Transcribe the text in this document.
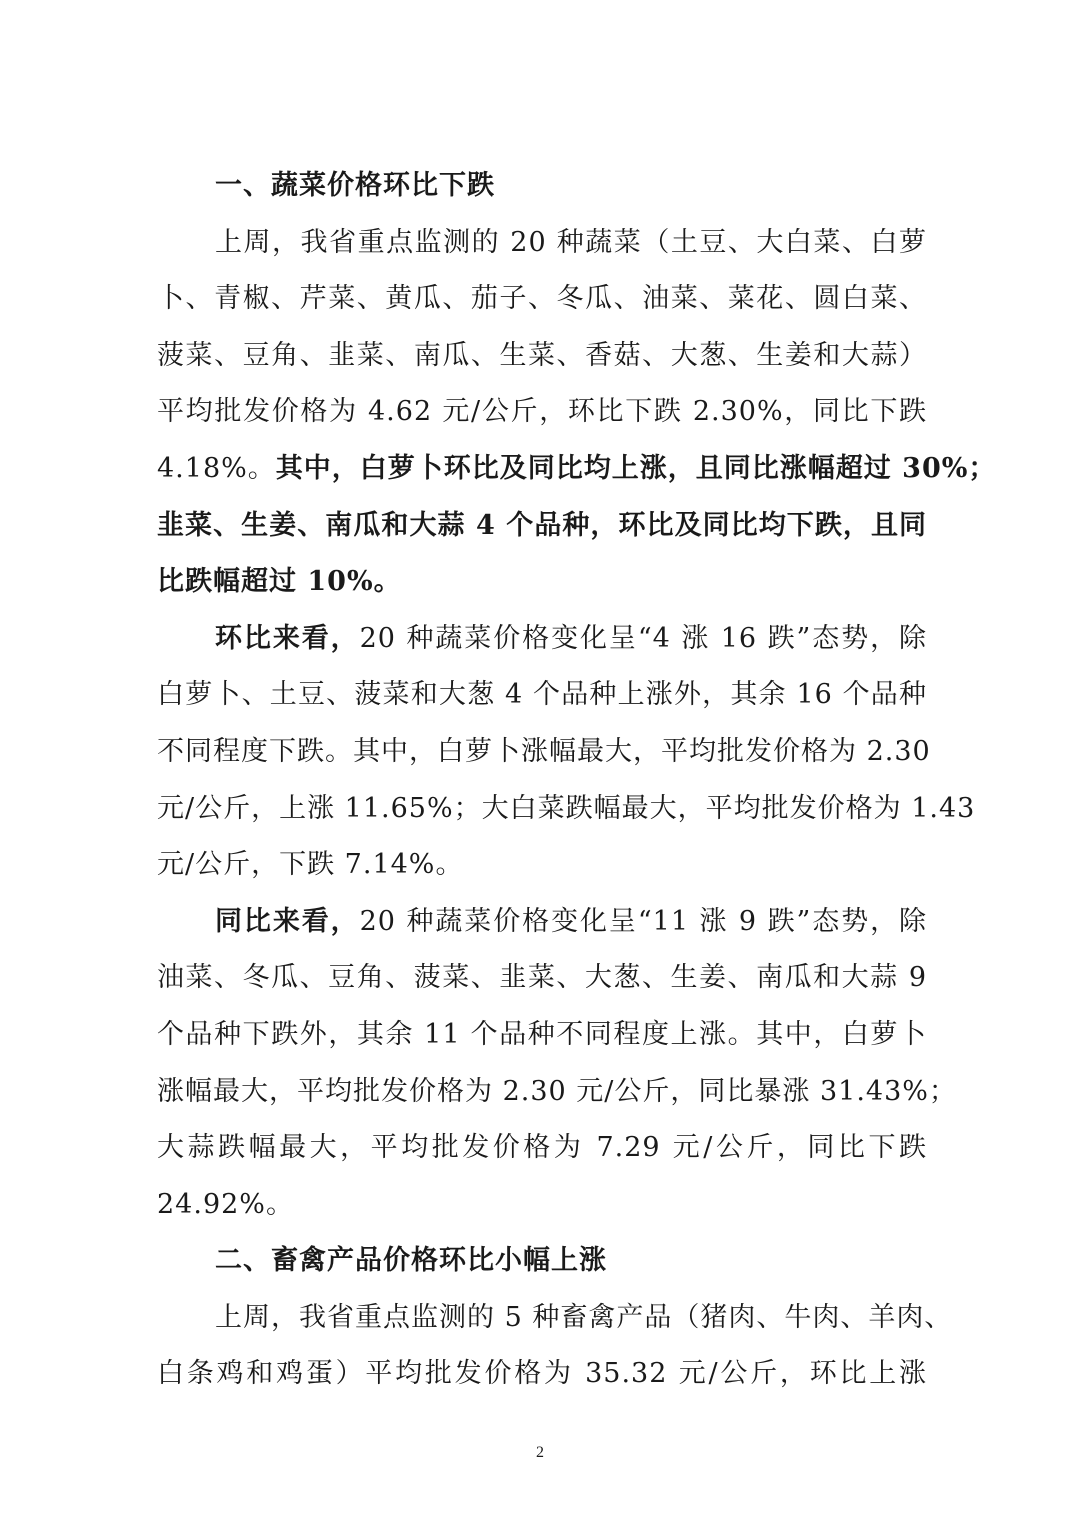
一、蔬菜价格环比下跌
上周，我省重点监测的 20 种蔬菜（土豆、大白菜、白萝
卜、青椒、芹菜、黄瓜、茄子、冬瓜、油菜、菜花、圆白菜、
菠菜、豆角、韭菜、南瓜、生菜、香菇、大葱、生姜和大蒜）
平均批发价格为 4.62 元/公斤，环比下跌 2.30%，同比下跌
4.18%。其中，白萝卜环比及同比均上涨，且同比涨幅超过 30%；
韭菜、生姜、南瓜和大蒜 4 个品种，环比及同比均下跌，且同
比跌幅超过 10%。
环比来看，20 种蔬菜价格变化呈“4 涨 16 跌”态势，除
白萝卜、土豆、菠菜和大葱 4 个品种上涨外，其余 16 个品种
不同程度下跌。其中，白萝卜涨幅最大，平均批发价格为 2.30
元/公斤，上涨 11.65%；大白菜跌幅最大，平均批发价格为 1.43
元/公斤，下跌 7.14%。
同比来看，20 种蔬菜价格变化呈“11 涨 9 跌”态势，除
油菜、冬瓜、豆角、菠菜、韭菜、大葱、生姜、南瓜和大蒜 9
个品种下跌外，其余 11 个品种不同程度上涨。其中，白萝卜
涨幅最大，平均批发价格为 2.30 元/公斤，同比暴涨 31.43%；
大蒜跌幅最大，平均批发价格为 7.29 元/公斤，同比下跌
24.92%。
二、畜禽产品价格环比小幅上涨
上周，我省重点监测的 5 种畜禽产品（猪肉、牛肉、羊肉、
白条鸡和鸡蛋）平均批发价格为 35.32 元/公斤，环比上涨
2
